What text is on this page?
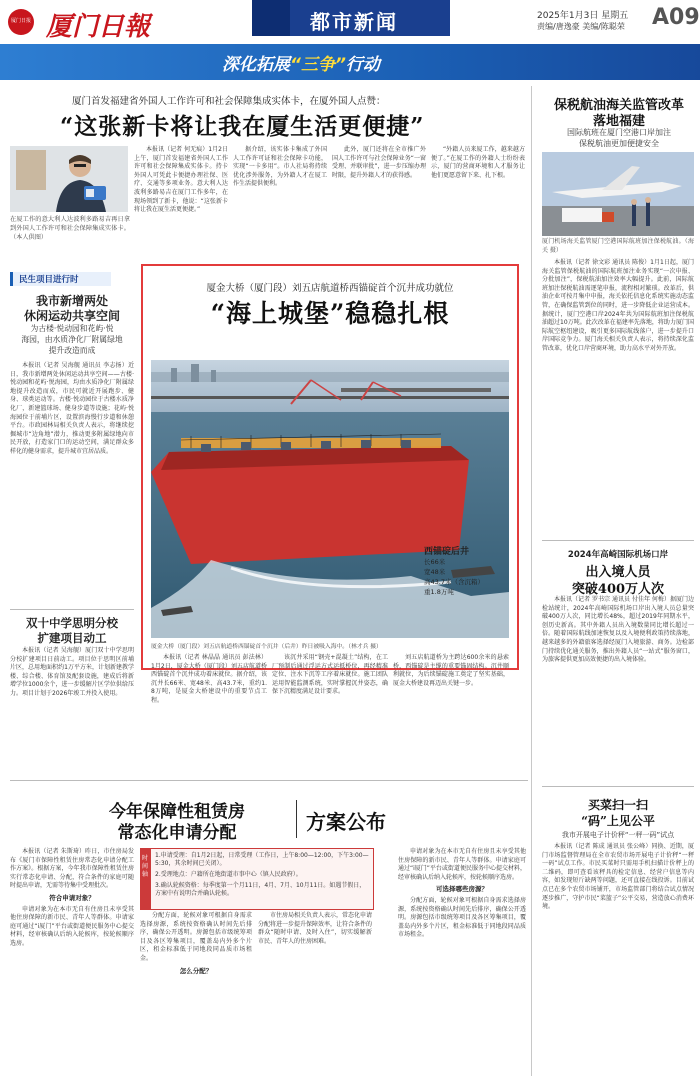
厦门日报 厦门日報	都市新闻	2025年1月3日 星期五
责编/唐逸豪 美编/陈聪荣 A09
深化拓展“三争”行动
厦门首发福建省外国人工作许可和社会保障集成实体卡，在厦外国人点赞：
“这张新卡将让我在厦生活更便捷”
在厦工作的意大利人达波利多路易吉再日拿到外国人工作许可和社会保障集成实体卡。（本人供图）

本报讯（记者 何无痕）1月2日上午，厦门首发福建省外国人工作许可和社会保障集成实体卡。持卡外国人可凭此卡便捷办理社保、医疗、交通等多项业务。意大利人达波利多路易吉在厦门工作多年，在现场领到了新卡，他说：“这张新卡将让我在厦生活更便捷。”

据介绍，该实体卡集成了外国人工作许可证和社会保障卡功能，实现“一卡多用”。市人社局将持续优化涉外服务，为外籍人才在厦工作生活提供便利。

此外，厦门还将在全市推广外国人工作许可与社会保障业务“一窗受理、并联审批”，进一步压缩办理时限，提升外籍人才的获得感。

“外籍人员来厦工作，越来越方便了。”在厦工作的外籍人士纷纷表示，厦门的营商环境和人才服务让他们更愿意留下来、扎下根。

保税航油海关监管改革
落地福建
国际航班在厦门空港口岸加注
保税航油更加便捷安全
厦门机场海关监管厦门空港国际航班加注保税航油。（海关 摄）

本报讯（记者 徐文彩 通讯员 陈俊）1月1日起，厦门海关监管保税航油的国际航班加注业务实现“一次申报、分批加注”，保税航油加注效率大幅提升。此前，国际航班加注保税航油需逐笔申报，流程相对繁琐。改革后，供油企业可按月集中申报，海关依托信息化系统实施动态监管，在确保监管到位的同时，进一步降低企业运营成本。据统计，厦门空港口岸2024年共为国际航班加注保税航油超过10万吨。此次改革在福建率先落地，将助力厦门国际航空枢纽建设，吸引更多国际航线落户，进一步提升口岸国际竞争力。厦门海关相关负责人表示，将持续深化监管改革，优化口岸营商环境，助力高水平对外开放。

民生项目进行时
我市新增两处
休闲运动共享空间
为古楼·悦动园和花屿·悦
海园，由水质净化厂附属绿地
提升改造而成

本报讯（记者 吴海舰 通讯员 李志扬）近日，我市新增两处休闲运动共享空间——古楼·悦动园和花屿·悦海园，均由水质净化厂附属绿地提升改造而成，市民可就近开展跑步、健身、球类运动等。古楼·悦动园位于古楼水质净化厂，新建篮球场、健身步道等设施；花屿·悦海园位于前埔片区，设置滨海慢行步道和休憩平台。市政园林局相关负责人表示，将继续挖掘城市“边角地”潜力，推动更多附属绿地向市民开放，打造家门口的运动空间，满足群众多样化的健身需求，提升城市宜居品质。

双十中学思明分校
扩建项目动工

本报讯（记者 吴海舰）厦门双十中学思明分校扩建项目日前动工。项目位于思明区前埔片区，总用地面积约1万平方米，计划新建教学楼、综合楼、体育馆及配套设施，建成后将新增学位1000余个，进一步缓解片区学位供给压力。项目计划于2026年竣工并投入使用。

厦金大桥（厦门段）刘五店航道桥西锚碇首个沉井成功就位
“海上城堡”稳稳扎根
西锚碇后井
长66米
宽48米
高43.7米（含沉箱）
重1.8万吨
厦金大桥（厦门段）刘五店航道桥西锚碇首个沉井（后井）昨日被吸入海中。（林才兵 摄）

本报讯（记者 林晶晶 通讯员 彭法林）1月2日，厦金大桥（厦门段）刘五店航道桥西锚碇首个沉井成功着床就位。据介绍，该沉井长66米、宽48米、高43.7米，重约1.8万吨，是厦金大桥建设中的重要节点工程。

该沉井采用“钢壳+混凝土”结构，在工厂预制后通过浮运方式运抵桥位，再经精准定位、注水下沉等工序着床就位。施工团队运用智能监测系统，实时掌握沉井姿态，确保下沉精度满足设计要求。

刘五店航道桥为主跨达600余米的悬索桥，西锚碇是主缆的重要锚固结构。沉井顺利就位，为后续锚碇施工奠定了坚实基础，厦金大桥建设再迈出关键一步。

2024年高崎国际机场口岸
出入境人员
突破400万人次

本报讯（记者 罗书宗 通讯员 付佳年 何梅）据厦门边检站统计，2024年高崎国际机场口岸出入境人员总量突破400万人次，同比增长48%，超过2019年同期水平，创历史新高。其中外籍人员出入境数量同比增长超过一倍。随着国际航线加速恢复以及入境便利政策持续落地，越来越多的外籍旅客选择经厦门入境旅游、商务。边检部门持续优化通关服务，推出外籍人员“一站式”服务窗口，为旅客提供更加高效便捷的出入境体验。

今年保障性租赁房
常态化申请分配	方案公布

本报讯（记者 朱斯琦）昨日，市住房局发布《厦门市保障性租赁住房常态化申请分配工作方案》。根据方案，今年我市保障性租赁住房实行常态化申请、分配，符合条件的家庭可随时提出申请，无需等待集中受理批次。

符合申请对象？

申请对象为在本市无自有住房且未享受其他住房保障的新市民、青年人等群体。申请家庭可通过“i厦门”平台或街道便民服务中心提交材料，经审核确认后纳入轮候库，按轮候顺序选房。

时间轴
1.申请受理：自1月2日起，日常受理（工作日，上午8:00—12:00，下午3:00—5:30，其余时间已关闭）。
2.受理地点：户籍所在地街道市事中心（镇人民政府）。
3.确认轮候资格：每季度第一个月11日，4月、7月、10月11日。如遇节假日，方案中有说明合并确认轮候。

分配方面，轮候对象可根据自身需求选择房源，系统按资格确认时间先后排序，确保公开透明。房源包括市级统筹项目及各区筹集项目，覆盖岛内外多个片区，租金标准低于同地段同品质市场租金。

怎么分配？

市住房局相关负责人表示，常态化申请分配将进一步提升保障效率，让符合条件的群众“随时申请、及时入住”，切实缓解新市民、青年人的住房困难。

申请对象为在本市无自有住房且未享受其他住房保障的新市民、青年人等群体。申请家庭可通过“i厦门”平台或街道便民服务中心提交材料，经审核确认后纳入轮候库，按轮候顺序选房。

可选择哪些房源？

分配方面，轮候对象可根据自身需求选择房源，系统按资格确认时间先后排序，确保公开透明。房源包括市级统筹项目及各区筹集项目，覆盖岛内外多个片区，租金标准低于同地段同品质市场租金。

买菜扫一扫
“码”上见公平
我市开展电子计价秤“一秤一码”试点

本报讯（记者 陈成 通讯员 张公峰）同换、近期，厦门市场监督管理局在全市农贸市场开展电子计价秤“一秤一码”试点工作。市民买菜时只需用手机扫描计价秤上的二维码，即可查看该秤具的检定信息、经营户信息等内容，如发现短斤缺两等问题，还可直接在线投诉。目前试点已在多个农贸市场铺开，市场监管部门将结合试点情况逐步推广，守护市民“菜篮子”公平交易，营造放心消费环境。
